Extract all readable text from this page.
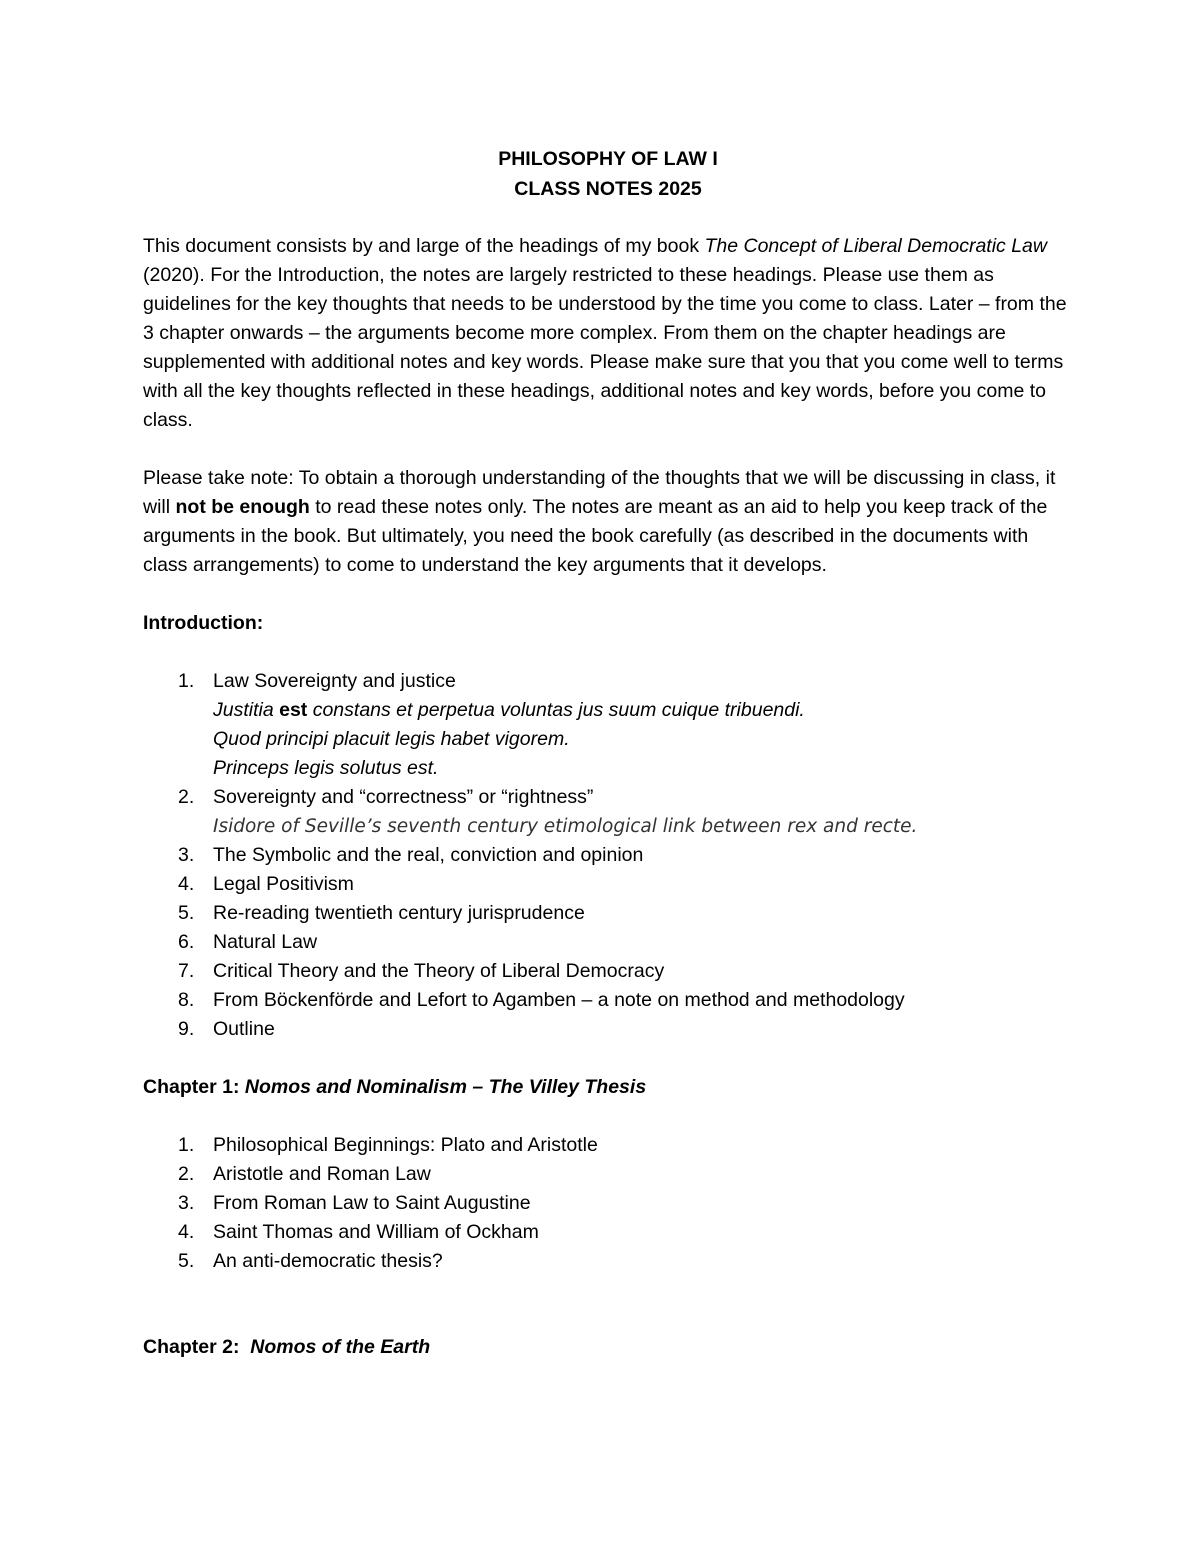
PHILOSOPHY OF LAW I
CLASS NOTES 2025

This document consists by and large of the headings of my book The Concept of Liberal Democratic Law (2020). For the Introduction, the notes are largely restricted to these headings. Please use them as guidelines for the key thoughts that needs to be understood by the time you come to class. Later – from the 3 chapter onwards – the arguments become more complex. From them on the chapter headings are supplemented with additional notes and key words. Please make sure that you that you come well to terms with all the key thoughts reflected in these headings, additional notes and key words, before you come to class.

Please take note: To obtain a thorough understanding of the thoughts that we will be discussing in class, it will not be enough to read these notes only. The notes are meant as an aid to help you keep track of the arguments in the book. But ultimately, you need the book carefully (as described in the documents with class arrangements) to come to understand the key arguments that it develops.

Introduction:
1. Law Sovereignty and justice
Justitia est constans et perpetua voluntas jus suum cuique tribuendi.
Quod principi placuit legis habet vigorem.
Princeps legis solutus est.
2. Sovereignty and “correctness” or “rightness”
Isidore of Seville’s seventh century etimological link between rex and recte.
3. The Symbolic and the real, conviction and opinion
4. Legal Positivism
5. Re-reading twentieth century jurisprudence
6. Natural Law
7. Critical Theory and the Theory of Liberal Democracy
8. From Böckenförde and Lefort to Agamben – a note on method and methodology
9. Outline
Chapter 1: Nomos and Nominalism – The Villey Thesis
1. Philosophical Beginnings: Plato and Aristotle
2. Aristotle and Roman Law
3. From Roman Law to Saint Augustine
4. Saint Thomas and William of Ockham
5. An anti-democratic thesis?
Chapter 2:  Nomos of the Earth
